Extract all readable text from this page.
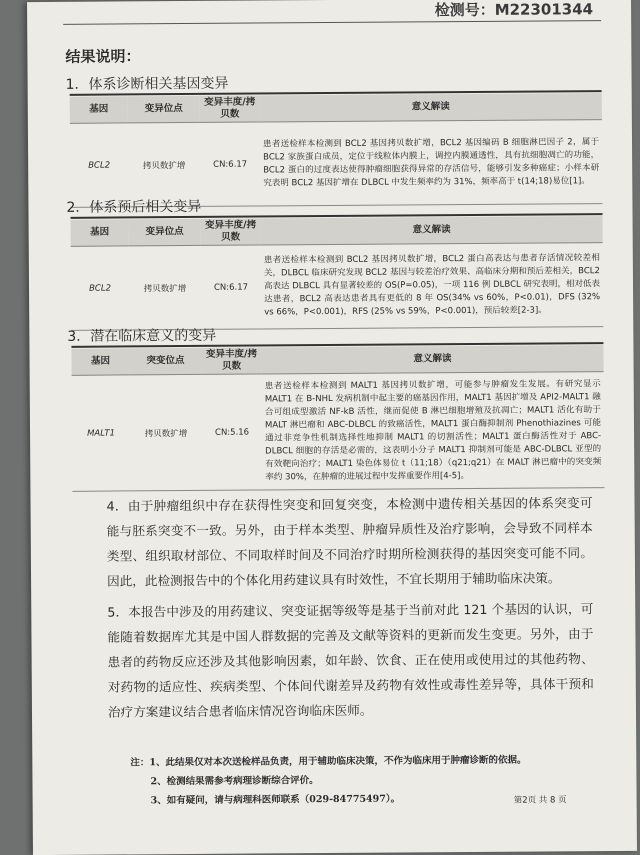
检测号：M22301344
结果说明：
1．体系诊断相关基因变异
基因	变异位点	变异丰度/拷贝数	意义解读
BCL2	拷贝数扩增	CN:6.17	患者送检样本检测到 BCL2 基因拷贝数扩增，BCL2 基因编码 B 细胞淋巴因子 2，属于 BCL2 家族蛋白成员，定位于线粒体内膜上，调控内膜通透性，具有抗细胞凋亡的功能，BCL2 蛋白的过度表达使得肿瘤细胞获得异常的存活信号，能够引发多种癌症；小样本研究表明 BCL2 基因扩增在 DLBCL 中发生频率约为 31%，频率高于 t(14;18)易位[1]。
2．体系预后相关变异
基因	变异位点	变异丰度/拷贝数	意义解读
BCL2	拷贝数扩增	CN:6.17	患者送检样本检测到 BCL2 基因拷贝数扩增，BCL2 蛋白高表达与患者存活情况较差相关，DLBCL 临床研究发现 BCL2 基因与较差治疗效果、高临床分期和预后差相关，BCL2 高表达 DLBCL 具有显著较差的 OS(P=0.05)，一项 116 例 DLBCL 研究表明，相对低表达患者，BCL2 高表达患者具有更低的 8 年 OS(34% vs 60%，P<0.01)，DFS (32% vs 66%，P<0.001)，RFS (25% vs 59%，P<0.001)，预后较差[2-3]。
3．潜在临床意义的变异
基因	突变位点	变异丰度/拷贝数	意义解读
MALT1	拷贝数扩增	CN:5.16	患者送检样本检测到 MALT1 基因拷贝数扩增，可能参与肿瘤发生发展。有研究显示 MALT1 在 B-NHL 发病机制中起主要的癌基因作用，MALT1 基因扩增及 API2-MALT1 融合可组成型激活 NF-kB 活性，继而促使 B 淋巴细胞增殖及抗凋亡；MALT1 活化有助于 MALT 淋巴瘤和 ABC-DLBCL 的致癌活性，MALT1 蛋白酶抑制剂 Phenothiazines 可能通过非竞争性机制选择性地抑制 MALT1 的切割活性；MALT1 蛋白酶活性对于 ABC-DLBCL 细胞的存活是必需的，这表明小分子 MALT1 抑制剂可能是 ABC-DLBCL 亚型的有效靶向治疗；MALT1 染色体易位 t（11;18）（q21;q21）在 MALT 淋巴瘤中的突变频率约 30%，在肿瘤的进展过程中发挥重要作用[4-5]。
4．由于肿瘤组织中存在获得性突变和回复突变，本检测中遗传相关基因的体系突变可能与胚系突变不一致。另外，由于样本类型、肿瘤异质性及治疗影响，会导致不同样本类型、组织取材部位、不同取样时间及不同治疗时期所检测获得的基因突变可能不同。因此，此检测报告中的个体化用药建议具有时效性，不宜长期用于辅助临床决策。
5．本报告中涉及的用药建议、突变证据等级等是基于当前对此 121 个基因的认识，可能随着数据库尤其是中国人群数据的完善及文献等资料的更新而发生变更。另外，由于患者的药物反应还涉及其他影响因素，如年龄、饮食、正在使用或使用过的其他药物、对药物的适应性、疾病类型、个体间代谢差异及药物有效性或毒性差异等，具体干预和治疗方案建议结合患者临床情况咨询临床医师。
注：1、此结果仅对本次送检样品负责，用于辅助临床决策，不作为临床用于肿瘤诊断的依据。
2、检测结果需参考病理诊断综合评价。
3、如有疑问，请与病理科医师联系（029-84775497）。	第2页 共 8 页
